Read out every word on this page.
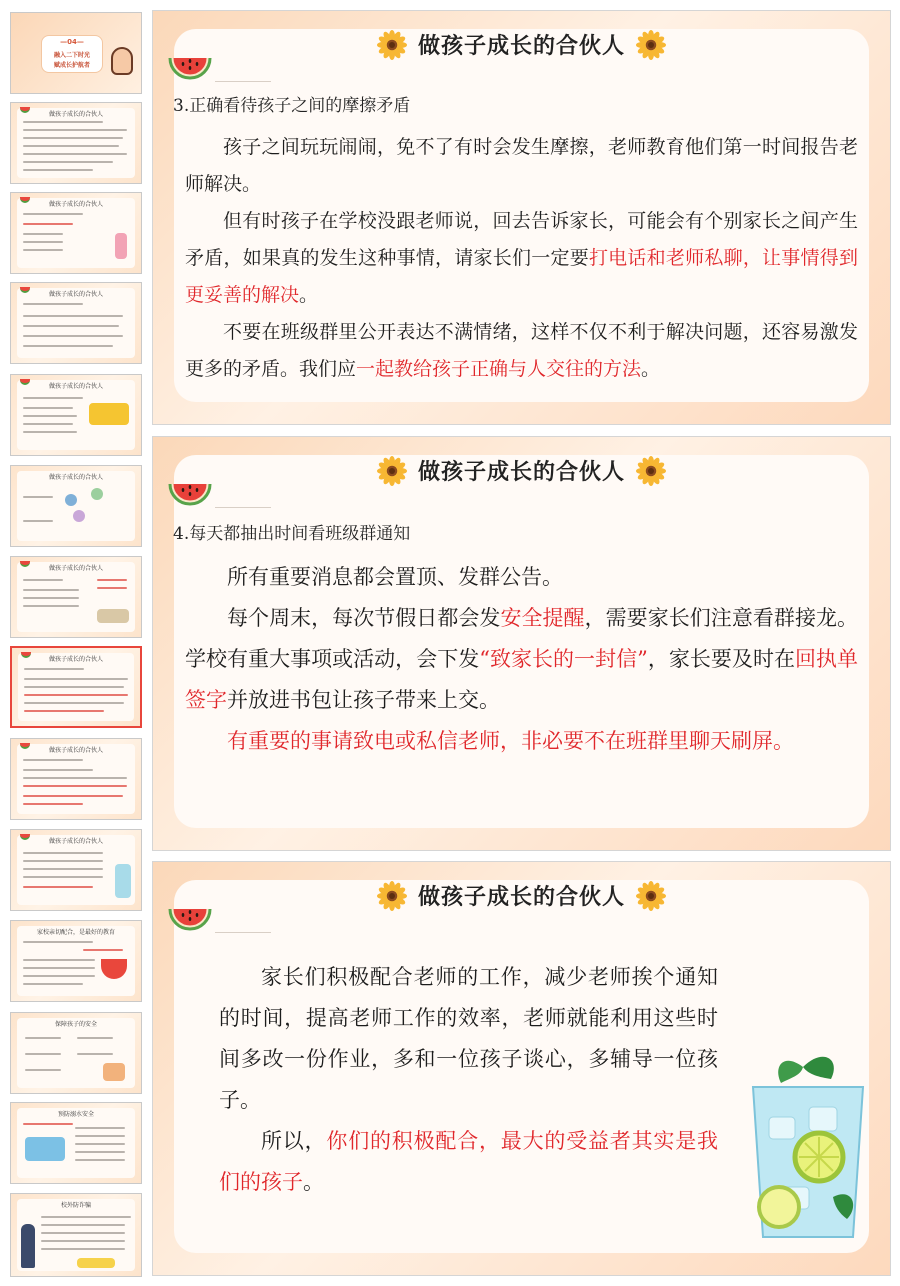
—04—
融入二下时光
赋成长护航者
做孩子成长的合伙人
做孩子成长的合伙人
做孩子成长的合伙人
做孩子成长的合伙人
做孩子成长的合伙人
做孩子成长的合伙人
做孩子成长的合伙人
做孩子成长的合伙人
做孩子成长的合伙人
家校亲切配合，是最好的教育
保障孩子的安全
预防溺水安全
校外防诈骗
做孩子成长的合伙人
3.正确看待孩子之间的摩擦矛盾

孩子之间玩玩闹闹，免不了有时会发生摩擦，老师教育他们第一时间报告老师解决。

但有时孩子在学校没跟老师说，回去告诉家长，可能会有个别家长之间产生矛盾，如果真的发生这种事情，请家长们一定要打电话和老师私聊，让事情得到更妥善的解决。

不要在班级群里公开表达不满情绪，这样不仅不利于解决问题，还容易激发更多的矛盾。我们应一起教给孩子正确与人交往的方法。

做孩子成长的合伙人
4.每天都抽出时间看班级群通知

所有重要消息都会置顶、发群公告。

每个周末，每次节假日都会发安全提醒，需要家长们注意看群接龙。学校有重大事项或活动，会下发“致家长的一封信”，家长要及时在回执单签字并放进书包让孩子带来上交。

有重要的事请致电或私信老师，非必要不在班群里聊天刷屏。

做孩子成长的合伙人

家长们积极配合老师的工作，减少老师挨个通知的时间，提高老师工作的效率，老师就能利用这些时间多改一份作业，多和一位孩子谈心，多辅导一位孩子。

所以，你们的积极配合，最大的受益者其实是我们的孩子。
